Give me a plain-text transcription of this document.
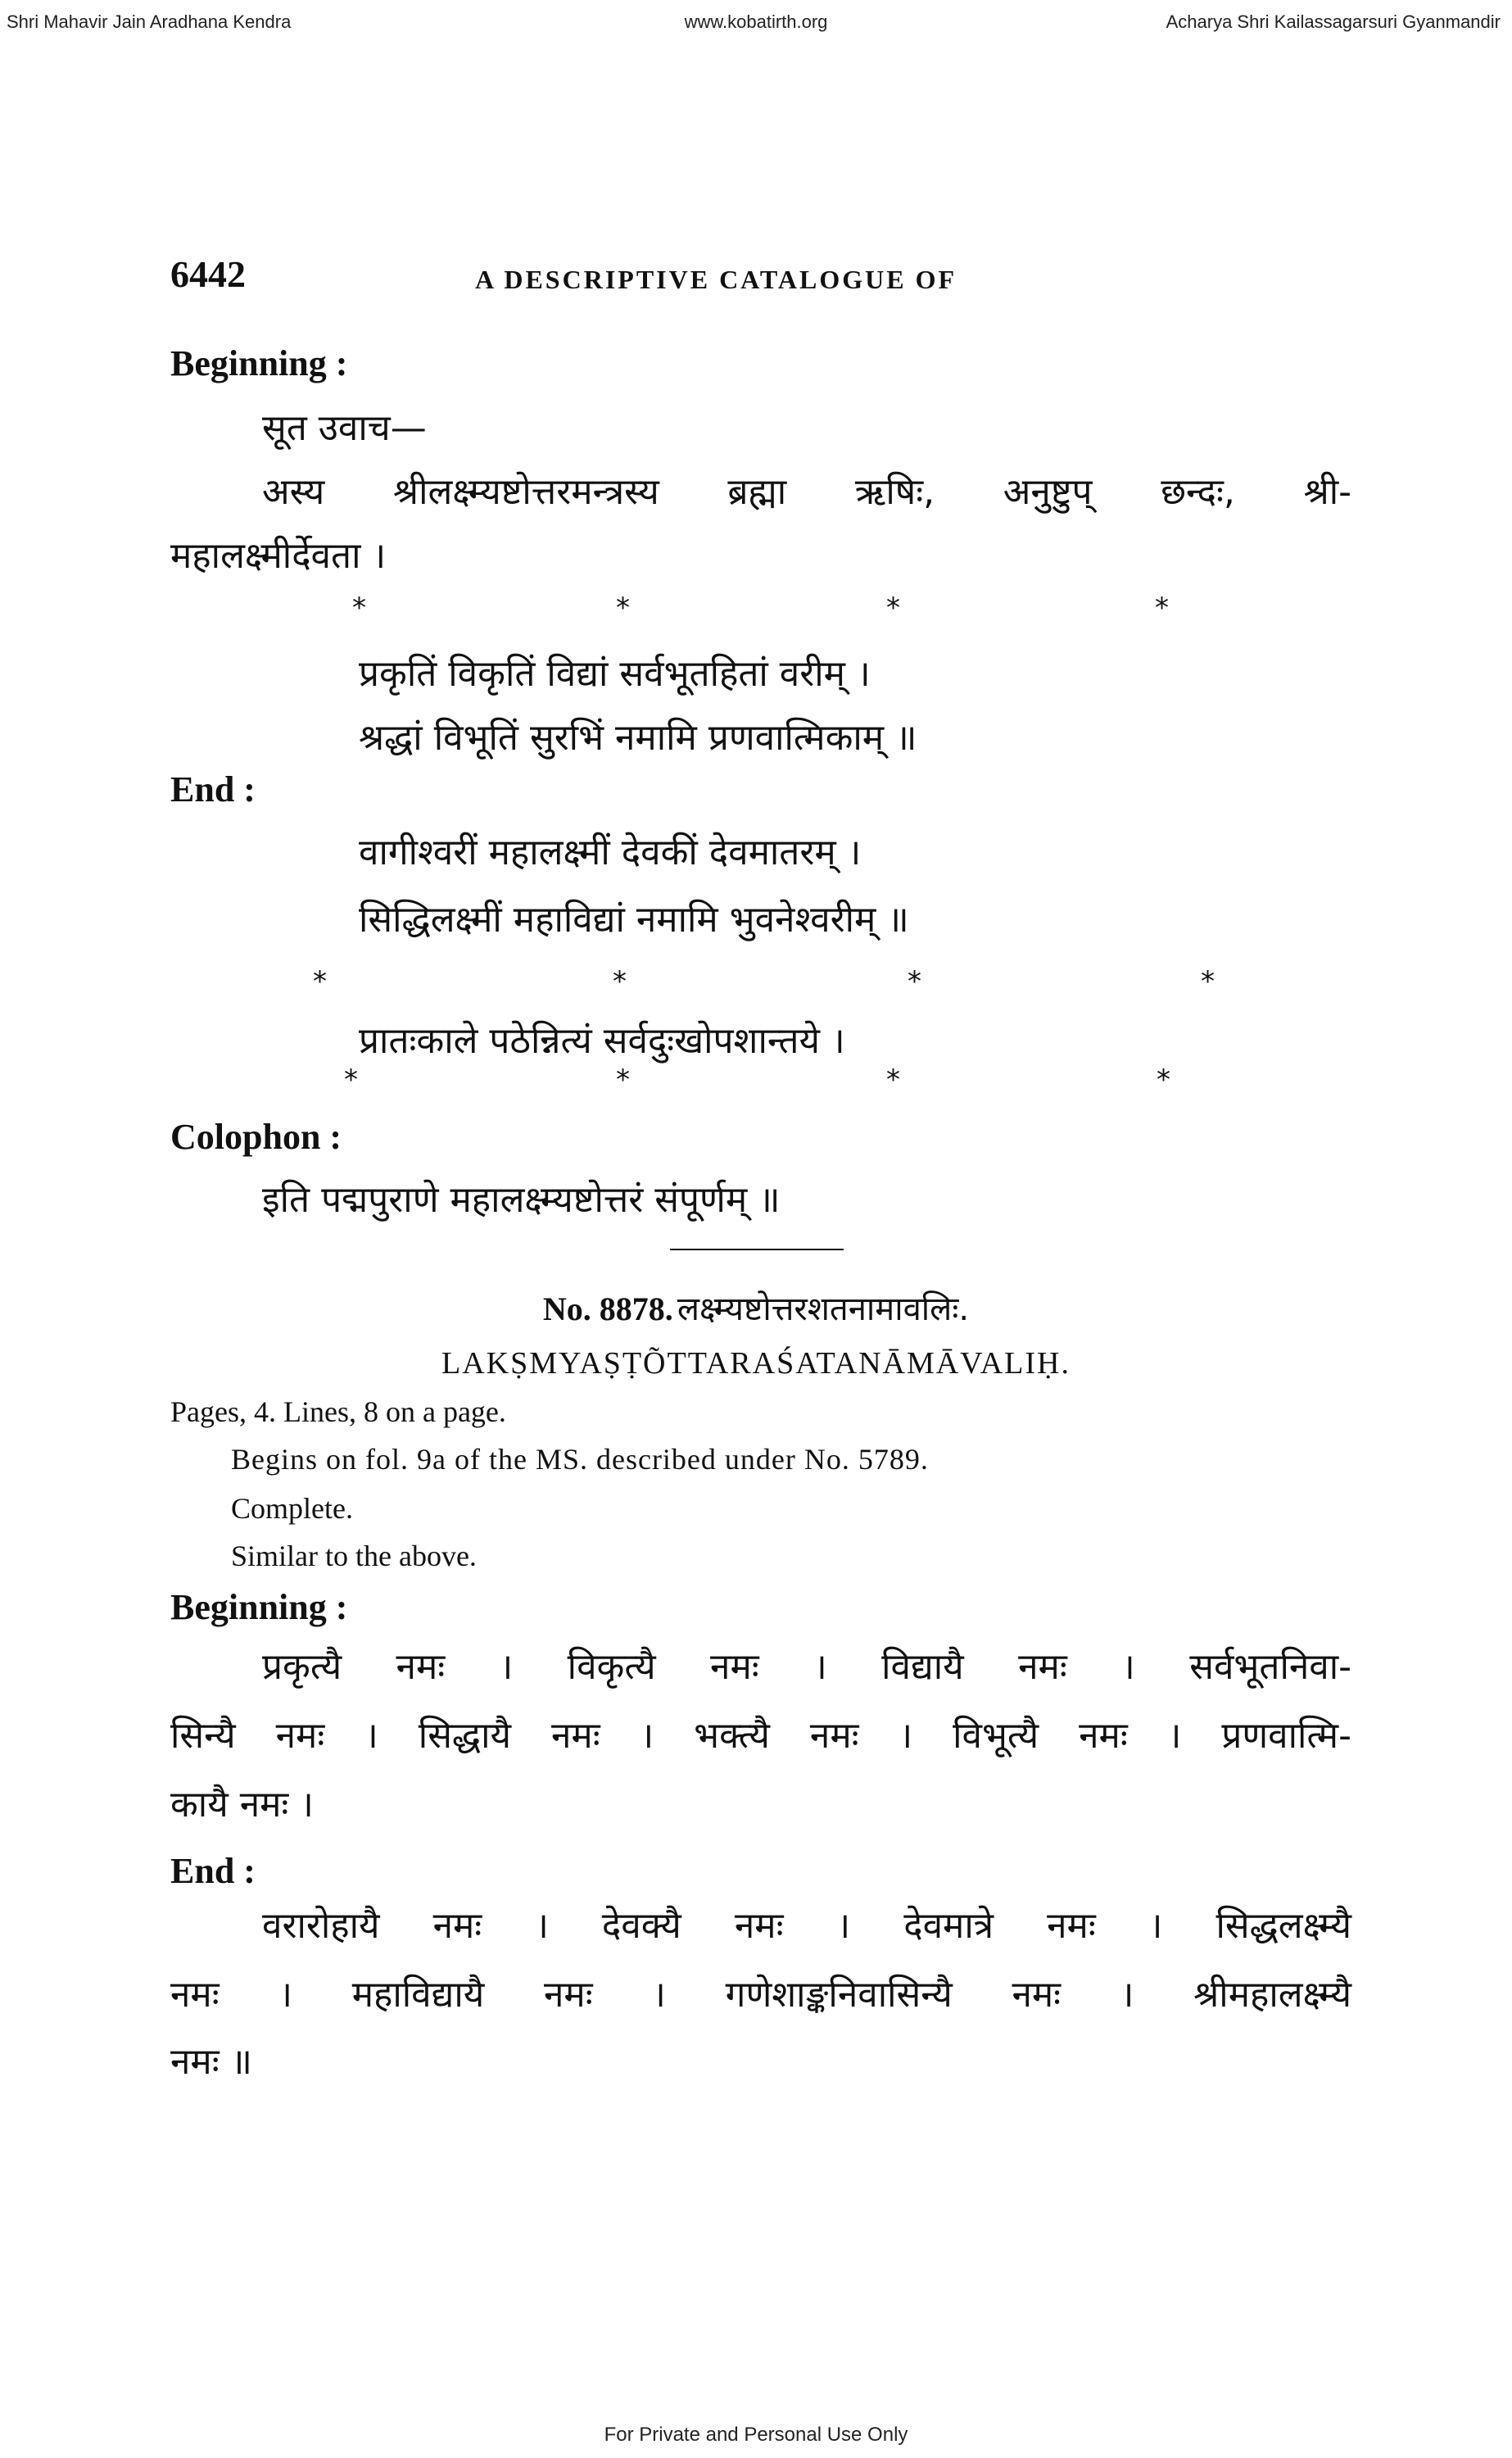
Shri Mahavir Jain Aradhana Kendra	www.kobatirth.org	Acharya Shri Kailassagarsuri Gyanmandir
6442	A DESCRIPTIVE CATALOGUE OF
Beginning :
सूत उवाच—
अस्य श्रीलक्ष्म्यष्टोत्तरमन्त्रस्य ब्रह्मा ऋषिः, अनुष्टुप् छन्दः, श्री-
महालक्ष्मीर्देवता ।
*	*	*	*
प्रकृतिं विकृतिं विद्यां सर्वभूतहितां वरीम् ।
श्रद्धां विभूतिं सुरभिं नमामि प्रणवात्मिकाम् ॥
End :
वागीश्वरीं महालक्ष्मीं देवकीं देवमातरम् ।
सिद्धिलक्ष्मीं महाविद्यां नमामि भुवनेश्वरीम् ॥
*	*	*	*
प्रातःकाले पठेन्नित्यं सर्वदुःखोपशान्तये ।
*	*	*	*
Colophon :
इति पद्मपुराणे महालक्ष्म्यष्टोत्तरं संपूर्णम् ॥
No. 8878. लक्ष्म्यष्टोत्तरशतनामावलिः.
LAKṢMYAṢṬÕTTARAŚATANĀMĀVALIḤ.
Pages, 4. Lines, 8 on a page.
Begins on fol. 9a of the MS. described under No. 5789.
Complete.
Similar to the above.
Beginning :
प्रकृत्यै नमः । विकृत्यै नमः । विद्यायै नमः । सर्वभूतनिवा-
सिन्यै नमः । सिद्धायै नमः । भक्त्यै नमः । विभूत्यै नमः । प्रणवात्मि-
कायै नमः ।
End :
वरारोहायै नमः । देवक्यै नमः । देवमात्रे नमः । सिद्धलक्ष्म्यै
नमः । महाविद्यायै नमः । गणेशाङ्कनिवासिन्यै नमः । श्रीमहालक्ष्म्यै
नमः ॥
For Private and Personal Use Only
